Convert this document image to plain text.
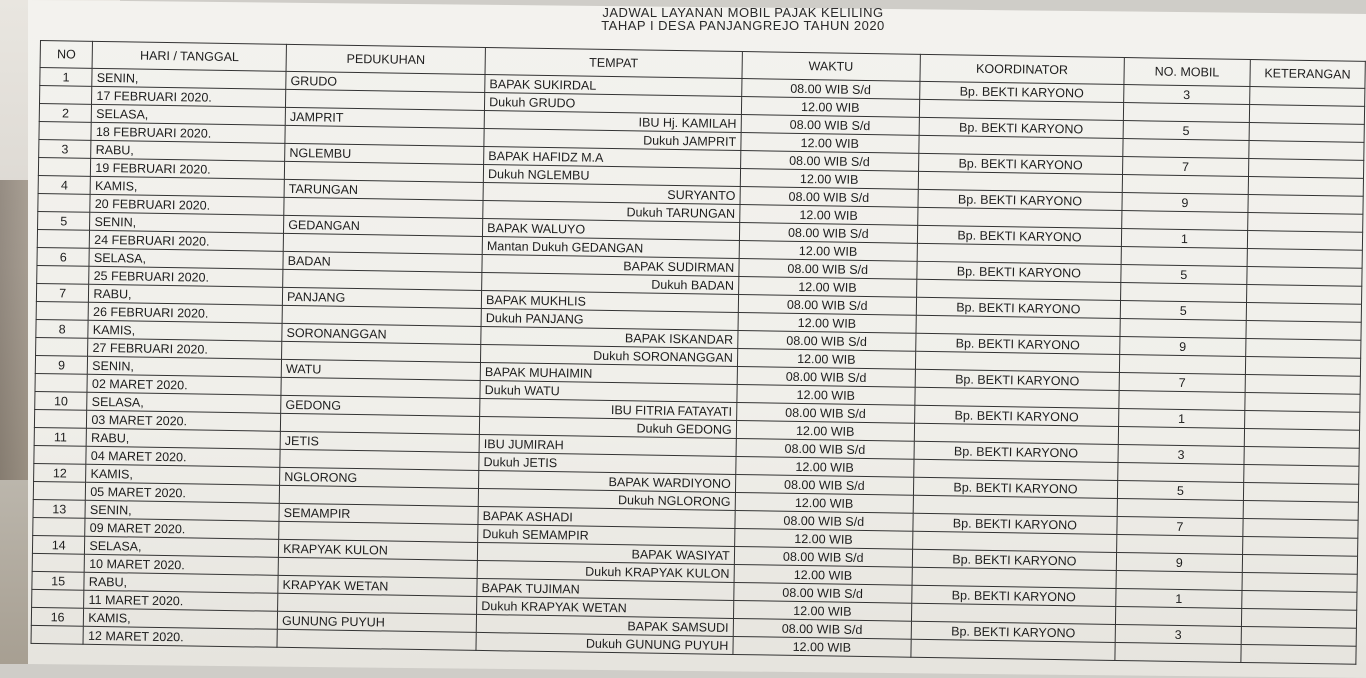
JADWAL LAYANAN MOBIL PAJAK KELILING
TAHAP I DESA PANJANGREJO TAHUN 2020
NO	HARI / TANGGAL	PEDUKUHAN	TEMPAT	WAKTU	KOORDINATOR	NO. MOBIL	KETERANGAN
1	SENIN,	GRUDO	BAPAK SUKIRDAL	08.00 WIB S/d	Bp. BEKTI KARYONO	3	
	17 FEBRUARI 2020.		Dukuh GRUDO	12.00 WIB			
2	SELASA,	JAMPRIT	IBU Hj. KAMILAH	08.00 WIB S/d	Bp. BEKTI KARYONO	5	
	18 FEBRUARI 2020.		Dukuh JAMPRIT	12.00 WIB			
3	RABU,	NGLEMBU	BAPAK HAFIDZ M.A	08.00 WIB S/d	Bp. BEKTI KARYONO	7	
	19 FEBRUARI 2020.		Dukuh NGLEMBU	12.00 WIB			
4	KAMIS,	TARUNGAN	SURYANTO	08.00 WIB S/d	Bp. BEKTI KARYONO	9	
	20 FEBRUARI 2020.		Dukuh TARUNGAN	12.00 WIB			
5	SENIN,	GEDANGAN	BAPAK WALUYO	08.00 WIB S/d	Bp. BEKTI KARYONO	1	
	24 FEBRUARI 2020.		Mantan Dukuh GEDANGAN	12.00 WIB			
6	SELASA,	BADAN	BAPAK SUDIRMAN	08.00 WIB S/d	Bp. BEKTI KARYONO	5	
	25 FEBRUARI 2020.		Dukuh BADAN	12.00 WIB			
7	RABU,	PANJANG	BAPAK MUKHLIS	08.00 WIB S/d	Bp. BEKTI KARYONO	5	
	26 FEBRUARI 2020.		Dukuh PANJANG	12.00 WIB			
8	KAMIS,	SORONANGGAN	BAPAK ISKANDAR	08.00 WIB S/d	Bp. BEKTI KARYONO	9	
	27 FEBRUARI 2020.		Dukuh SORONANGGAN	12.00 WIB			
9	SENIN,	WATU	BAPAK MUHAIMIN	08.00 WIB S/d	Bp. BEKTI KARYONO	7	
	02 MARET 2020.		Dukuh WATU	12.00 WIB			
10	SELASA,	GEDONG	IBU FITRIA FATAYATI	08.00 WIB S/d	Bp. BEKTI KARYONO	1	
	03 MARET 2020.		Dukuh GEDONG	12.00 WIB			
11	RABU,	JETIS	IBU JUMIRAH	08.00 WIB S/d	Bp. BEKTI KARYONO	3	
	04 MARET 2020.		Dukuh JETIS	12.00 WIB			
12	KAMIS,	NGLORONG	BAPAK WARDIYONO	08.00 WIB S/d	Bp. BEKTI KARYONO	5	
	05 MARET 2020.		Dukuh NGLORONG	12.00 WIB			
13	SENIN,	SEMAMPIR	BAPAK ASHADI	08.00 WIB S/d	Bp. BEKTI KARYONO	7	
	09 MARET 2020.		Dukuh SEMAMPIR	12.00 WIB			
14	SELASA,	KRAPYAK KULON	BAPAK WASIYAT	08.00 WIB S/d	Bp. BEKTI KARYONO	9	
	10 MARET 2020.		Dukuh KRAPYAK KULON	12.00 WIB			
15	RABU,	KRAPYAK WETAN	BAPAK TUJIMAN	08.00 WIB S/d	Bp. BEKTI KARYONO	1	
	11 MARET 2020.		Dukuh KRAPYAK WETAN	12.00 WIB			
16	KAMIS,	GUNUNG PUYUH	BAPAK SAMSUDI	08.00 WIB S/d	Bp. BEKTI KARYONO	3	
	12 MARET 2020.		Dukuh GUNUNG PUYUH	12.00 WIB			
